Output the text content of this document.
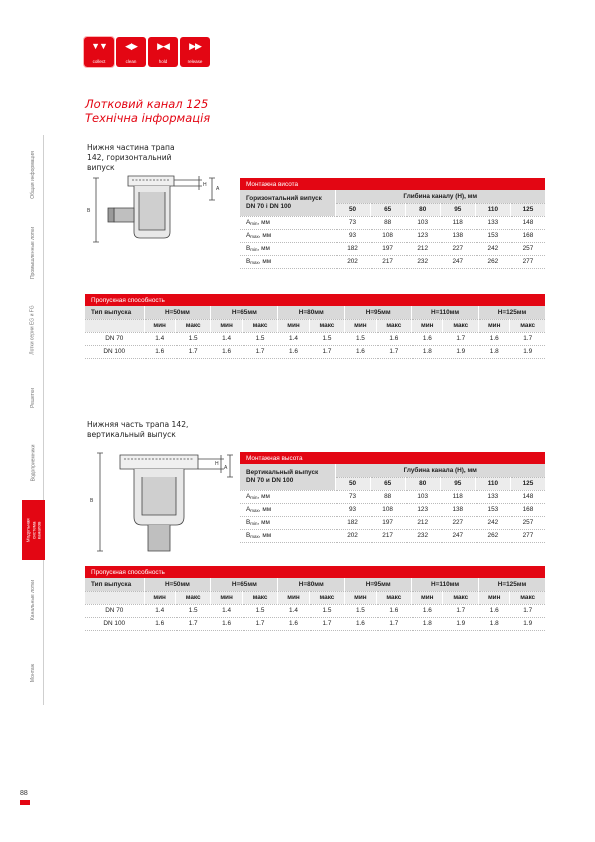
▼▼
collect
◀▶
clean
▶◀
hold
▶▶
release
Лотковий канал 125
Технічна інформація
Общая информация
Промышленные лотки
Лотки серии EG и FG
Решетки
Водоприемники
Модульная система каналов
Канальные лотки
Монтаж
88
Нижня частина трапа
142, горизонтальний
випуск
B
H
A
Монтажна висота						

Горизонтальний випуск
DN 70 і DN 100	Глибина каналу (H), мм					
	50	65	80	95	110	125
$A_{min}$, мм	73	88	103	118	133	148
$A_{max}$, мм	93	108	123	138	153	168
$B_{min}$, мм	182	197	212	227	242	257
$B_{max}$, мм	202	217	232	247	262	277
Пропускная способность												
Тип выпуска	H=50мм		H=65мм		H=80мм		H=95мм		H=110мм		H=125мм	
	мин	макс	мин	макс	мин	макс	мин	макс	мин	макс	мин	макс
DN 70	1.4	1.5	1.4	1.5	1.4	1.5	1.5	1.6	1.6	1.7	1.6	1.7
DN 100	1.6	1.7	1.6	1.7	1.6	1.7	1.6	1.7	1.8	1.9	1.8	1.9
Нижняя часть трапа 142,
вертикальный выпуск
B
H
A
Монтажная высота						

Вертикальный выпуск
DN 70 и DN 100	Глубина канала (H), мм					
	50	65	80	95	110	125
$A_{min}$, мм	73	88	103	118	133	148
$A_{max}$, мм	93	108	123	138	153	168
$B_{min}$, мм	182	197	212	227	242	257
$B_{max}$, мм	202	217	232	247	262	277
Пропускная способность												
Тип выпуска	H=50мм		H=65мм		H=80мм		H=95мм		H=110мм		H=125мм	
	мин	макс	мин	макс	мин	макс	мин	макс	мин	макс	мин	макс
DN 70	1.4	1.5	1.4	1.5	1.4	1.5	1.5	1.6	1.6	1.7	1.6	1.7
DN 100	1.6	1.7	1.6	1.7	1.6	1.7	1.6	1.7	1.8	1.9	1.8	1.9
